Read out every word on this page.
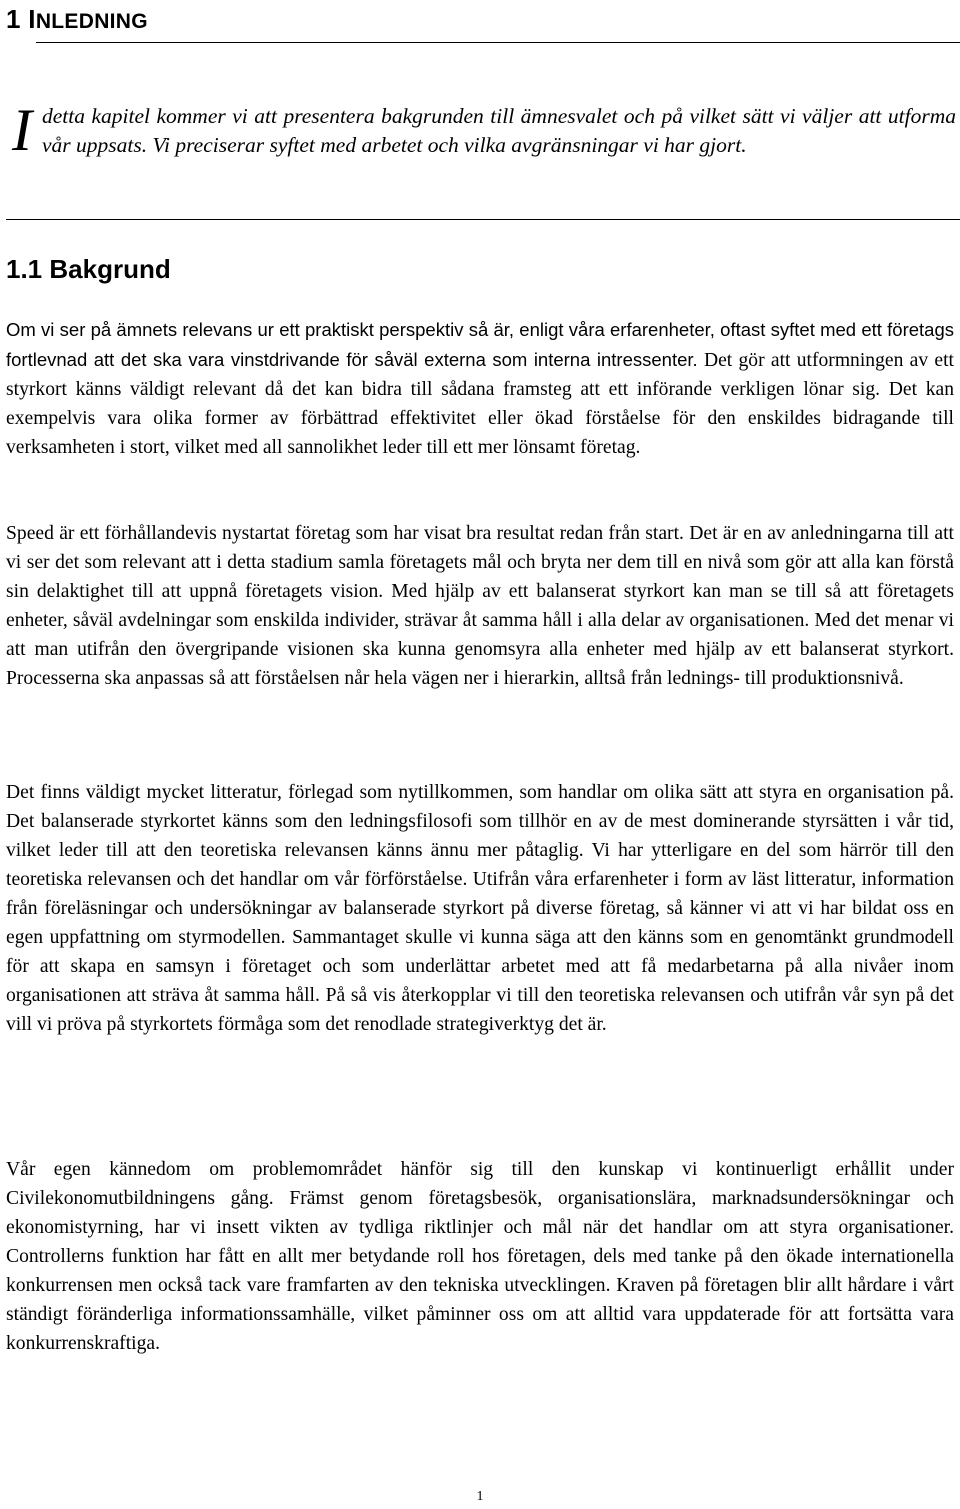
1 INLEDNING

Idetta kapitel kommer vi att presentera bakgrunden till ämnesvalet och på vilket sätt vi väljer att utforma vår uppsats. Vi preciserar syftet med arbetet och vilka avgränsningar vi har gjort.

1.1 Bakgrund

Om vi ser på ämnets relevans ur ett praktiskt perspektiv så är, enligt våra erfarenheter, oftast syftet med ett företags fortlevnad att det ska vara vinstdrivande för såväl externa som interna intressenter. Det gör att utformningen av ett styrkort känns väldigt relevant då det kan bidra till sådana framsteg att ett införande verkligen lönar sig. Det kan exempelvis vara olika former av förbättrad effektivitet eller ökad förståelse för den enskildes bidragande till verksamheten i stort, vilket med all sannolikhet leder till ett mer lönsamt företag.

Speed är ett förhållandevis nystartat företag som har visat bra resultat redan från start. Det är en av anledningarna till att vi ser det som relevant att i detta stadium samla företagets mål och bryta ner dem till en nivå som gör att alla kan förstå sin delaktighet till att uppnå företagets vision. Med hjälp av ett balanserat styrkort kan man se till så att företagets enheter, såväl avdelningar som enskilda individer, strävar åt samma håll i alla delar av organisationen. Med det menar vi att man utifrån den övergripande visionen ska kunna genomsyra alla enheter med hjälp av ett balanserat styrkort. Processerna ska anpassas så att förståelsen når hela vägen ner i hierarkin, alltså från lednings- till produktionsnivå.

Det finns väldigt mycket litteratur, förlegad som nytillkommen, som handlar om olika sätt att styra en organisation på. Det balanserade styrkortet känns som den ledningsfilosofi som tillhör en av de mest dominerande styrsätten i vår tid, vilket leder till att den teoretiska relevansen känns ännu mer påtaglig. Vi har ytterligare en del som härrör till den teoretiska relevansen och det handlar om vår förförståelse. Utifrån våra erfarenheter i form av läst litteratur, information från föreläsningar och undersökningar av balanserade styrkort på diverse företag, så känner vi att vi har bildat oss en egen uppfattning om styrmodellen. Sammantaget skulle vi kunna säga att den känns som en genomtänkt grundmodell för att skapa en samsyn i företaget och som underlättar arbetet med att få medarbetarna på alla nivåer inom organisationen att sträva åt samma håll. På så vis återkopplar vi till den teoretiska relevansen och utifrån vår syn på det vill vi pröva på styrkortets förmåga som det renodlade strategiverktyg det är.

Vår egen kännedom om problemområdet hänför sig till den kunskap vi kontinuerligt erhållit under Civilekonomutbildningens gång. Främst genom företagsbesök, organisationslära, marknadsundersökningar och ekonomistyrning, har vi insett vikten av tydliga riktlinjer och mål när det handlar om att styra organisationer. Controllerns funktion har fått en allt mer betydande roll hos företagen, dels med tanke på den ökade internationella konkurrensen men också tack vare framfarten av den tekniska utvecklingen. Kraven på företagen blir allt hårdare i vårt ständigt föränderliga informationssamhälle, vilket påminner oss om att alltid vara uppdaterade för att fortsätta vara konkurrenskraftiga.

1
